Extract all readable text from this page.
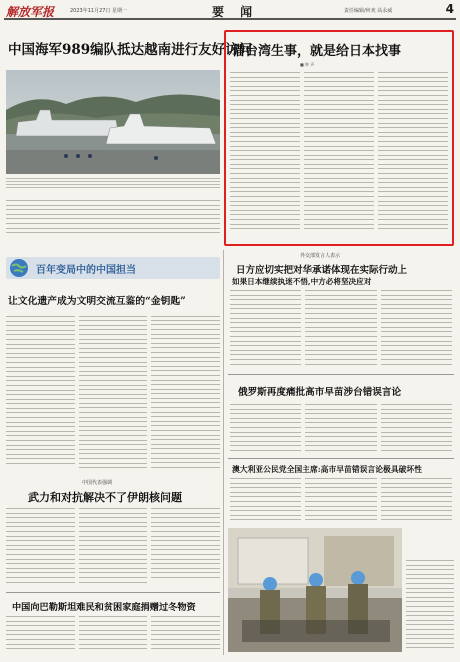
解放军报	2023年11月27日 星期一	要 闻	责任编辑/何欢 高永威	4
中国海军989编队抵达越南进行友好访问
借台湾生事，就是给日本找事
■ 钟 声
外交部发言人表示
日方应切实把对华承诺体现在实际行动上
如果日本继续执迷不悟,中方必将坚决应对
百年变局中的中国担当
让文化遗产成为文明交流互鉴的“金钥匙”
俄罗斯再度痛批高市早苗涉台错误言论
澳大利亚公民党全国主席:高市早苗错误言论极具破坏性
中国代表强调
武力和对抗解决不了伊朗核问题
中国向巴勒斯坦难民和贫困家庭捐赠过冬物资
